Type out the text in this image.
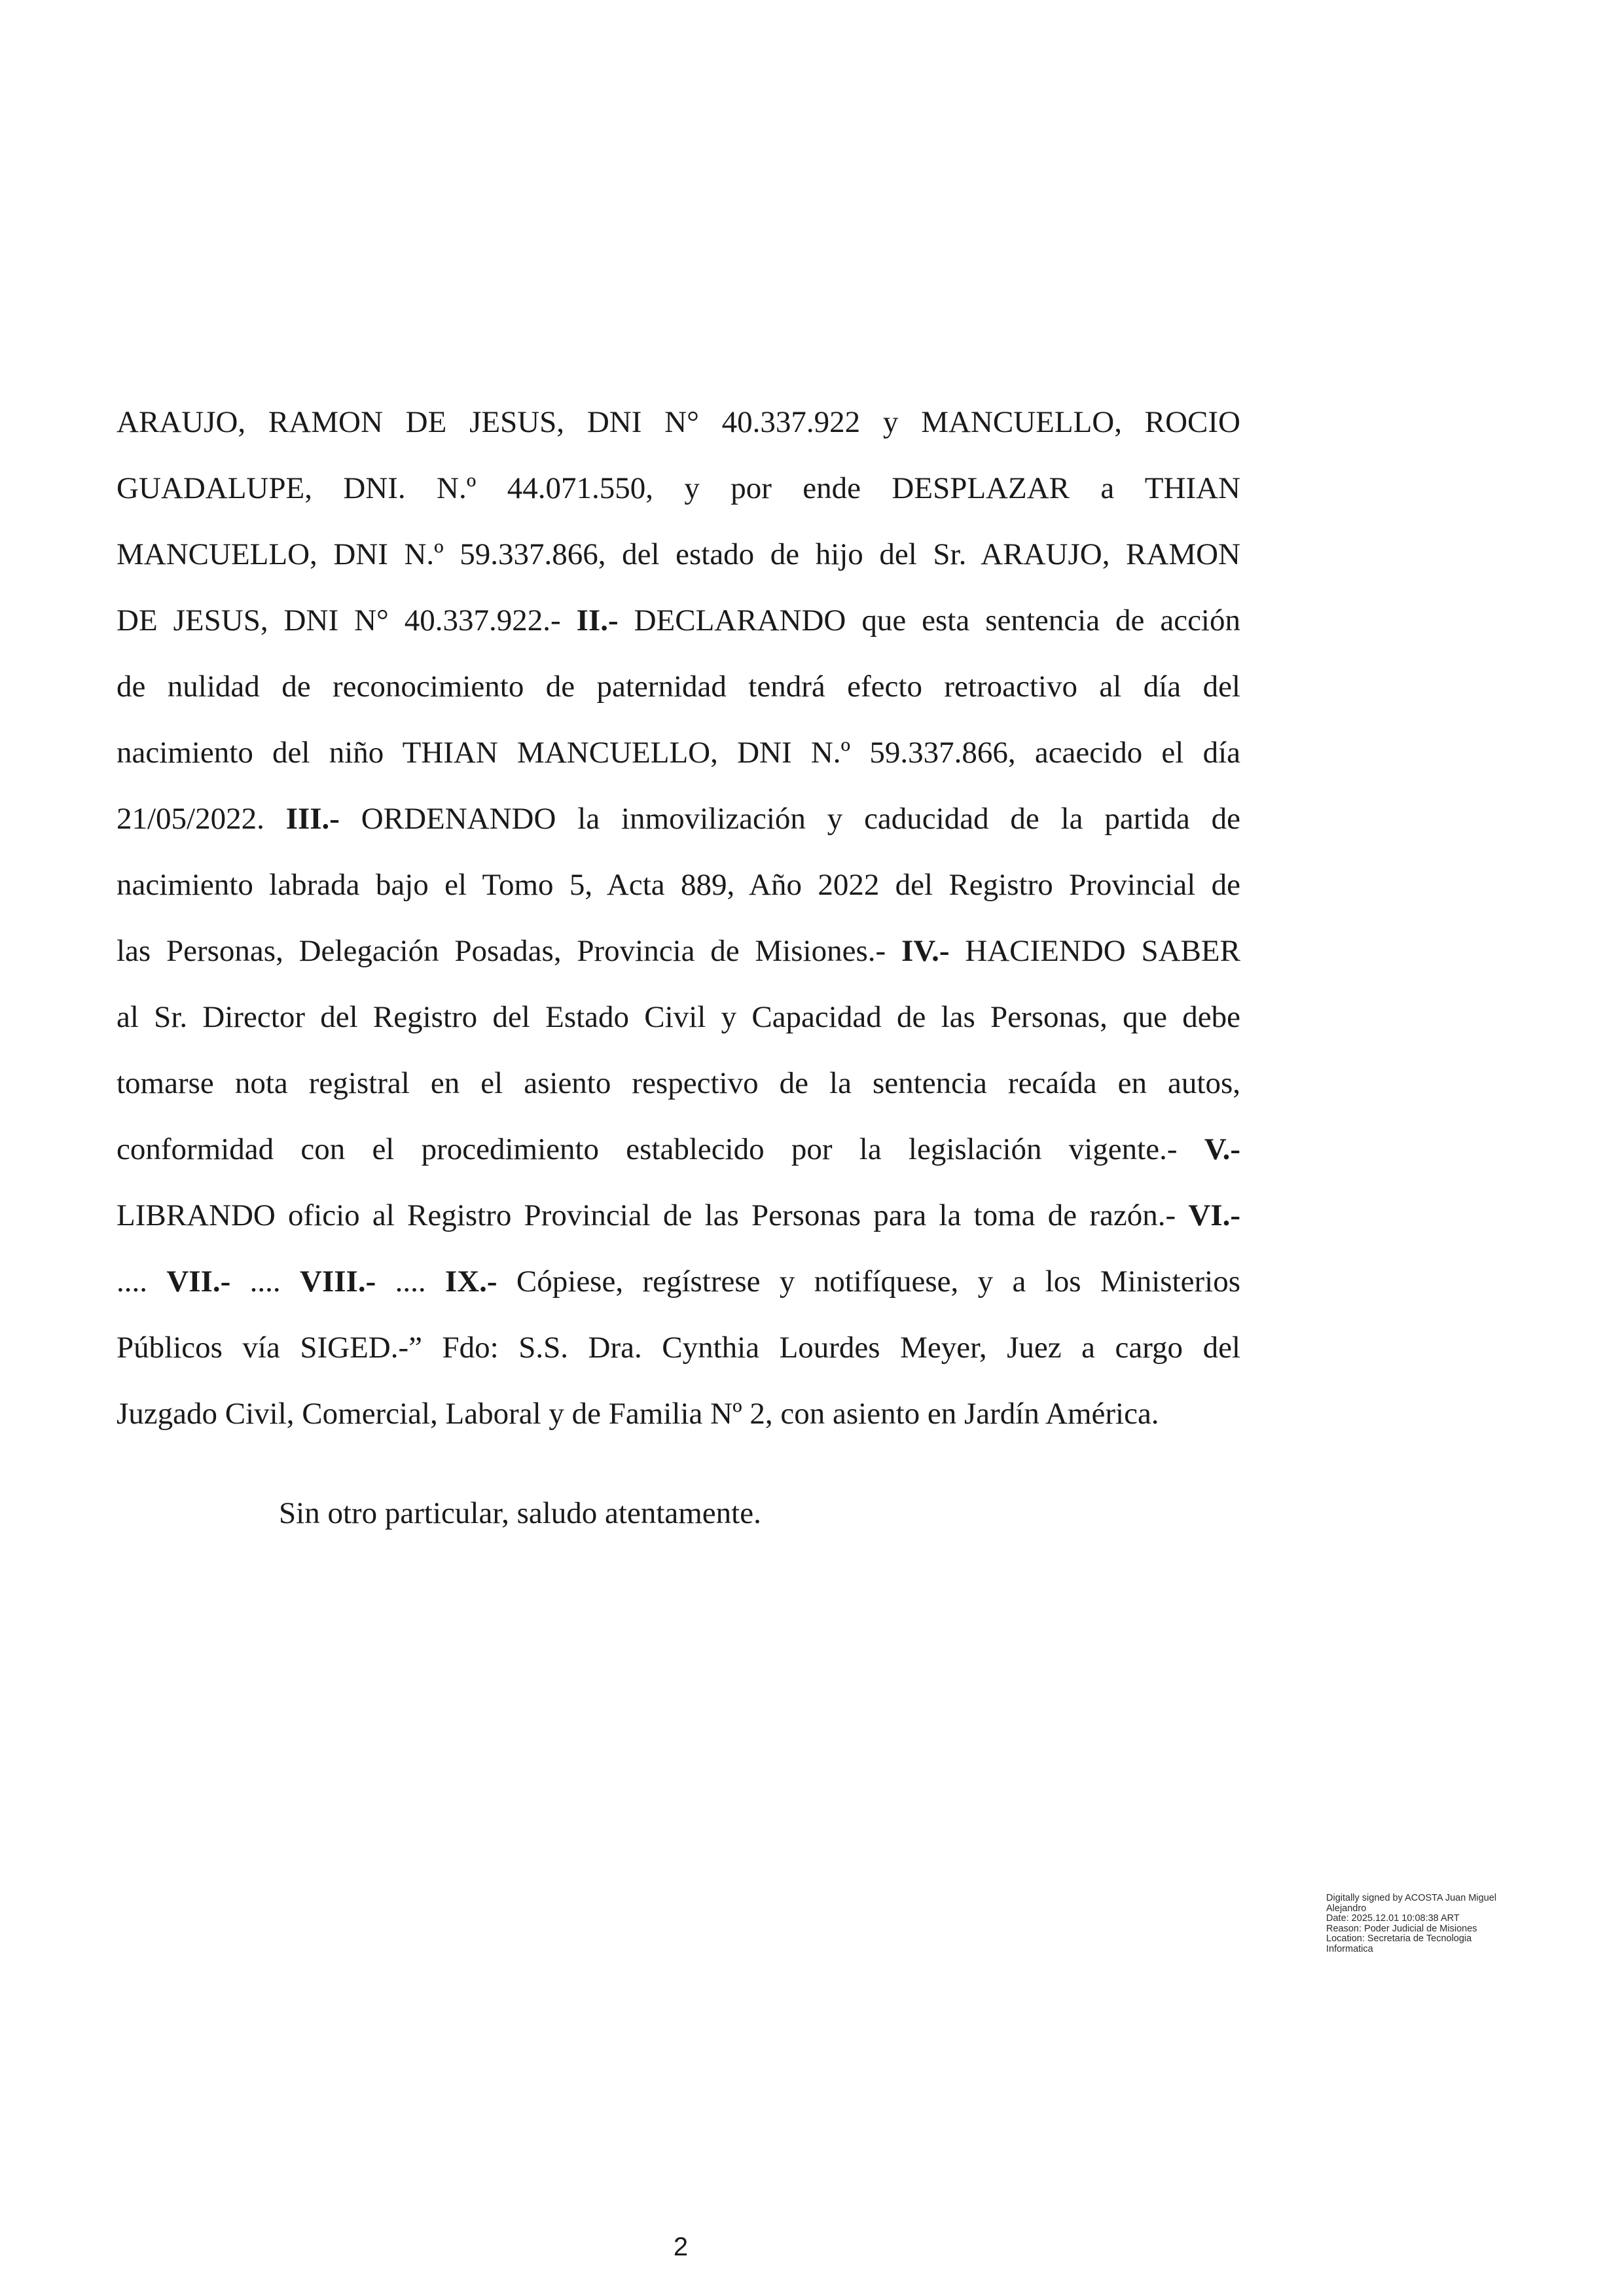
ARAUJO, RAMON DE JESUS, DNI N° 40.337.922 y MANCUELLO, ROCIO
GUADALUPE, DNI. N.º 44.071.550, y por ende DESPLAZAR a THIAN
MANCUELLO, DNI N.º 59.337.866, del estado de hijo del Sr. ARAUJO, RAMON
DE JESUS, DNI N° 40.337.922.- II.- DECLARANDO que esta sentencia de acción
de nulidad de reconocimiento de paternidad tendrá efecto retroactivo al día del
nacimiento del niño THIAN MANCUELLO, DNI N.º 59.337.866, acaecido el día
21/05/2022. III.- ORDENANDO la inmovilización y caducidad de la partida de
nacimiento labrada bajo el Tomo 5, Acta 889, Año 2022 del Registro Provincial de
las Personas, Delegación Posadas, Provincia de Misiones.- IV.- HACIENDO SABER
al Sr. Director del Registro del Estado Civil y Capacidad de las Personas, que debe
tomarse nota registral en el asiento respectivo de la sentencia recaída en autos,
conformidad con el procedimiento establecido por la legislación vigente.- V.-
LIBRANDO oficio al Registro Provincial de las Personas para la toma de razón.- VI.-
.... VII.- .... VIII.- .... IX.- Cópiese, regístrese y notifíquese, y a los Ministerios
Públicos vía SIGED.-” Fdo: S.S. Dra. Cynthia Lourdes Meyer, Juez a cargo del
Juzgado Civil, Comercial, Laboral y de Familia Nº 2, con asiento en Jardín América.
Sin otro particular, saludo atentamente.
Digitally signed by ACOSTA Juan Miguel
Alejandro
Date: 2025.12.01 10:08:38 ART
Reason: Poder Judicial de Misiones
Location: Secretaria de Tecnologia
Informatica
2
